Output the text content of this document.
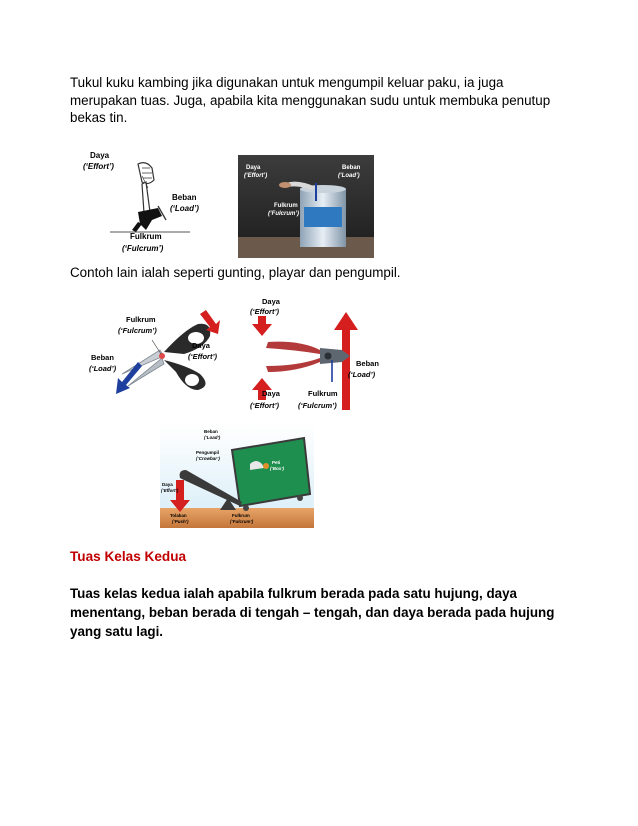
Tukul kuku kambing jika digunakan untuk mengumpil keluar paku, ia juga merupakan tuas. Juga, apabila kita menggunakan sudu untuk membuka penutup bekas tin.

Daya
(‘Effort’)
Beban
(‘Load’)
Fulkrum
(‘Fulcrum’)
Daya
(‘Effort’)
Beban
(‘Load’)
Fulkrum
(‘Fulcrum’)

Contoh lain ialah seperti gunting, playar dan pengumpil.

Fulkrum
(‘Fulcrum’)
Daya
(‘Effort’)
Beban
(‘Load’)
Daya
(‘Effort’)
Beban
(‘Load’)
Daya
(‘Effort’)
Fulkrum
(‘Fulcrum’)
Beban
(‘Load’)
Pengumpil
(‘Crowbar’)
Daya
(‘Effort’)
Tolakan
(‘Push’)
Fulkrum
(‘Fulcrum’)
Peti
(‘Box’)
Tuas Kelas Kedua

Tuas kelas kedua ialah apabila fulkrum berada pada satu hujung, daya menentang, beban berada di tengah – tengah, dan daya berada pada hujung yang satu lagi.
